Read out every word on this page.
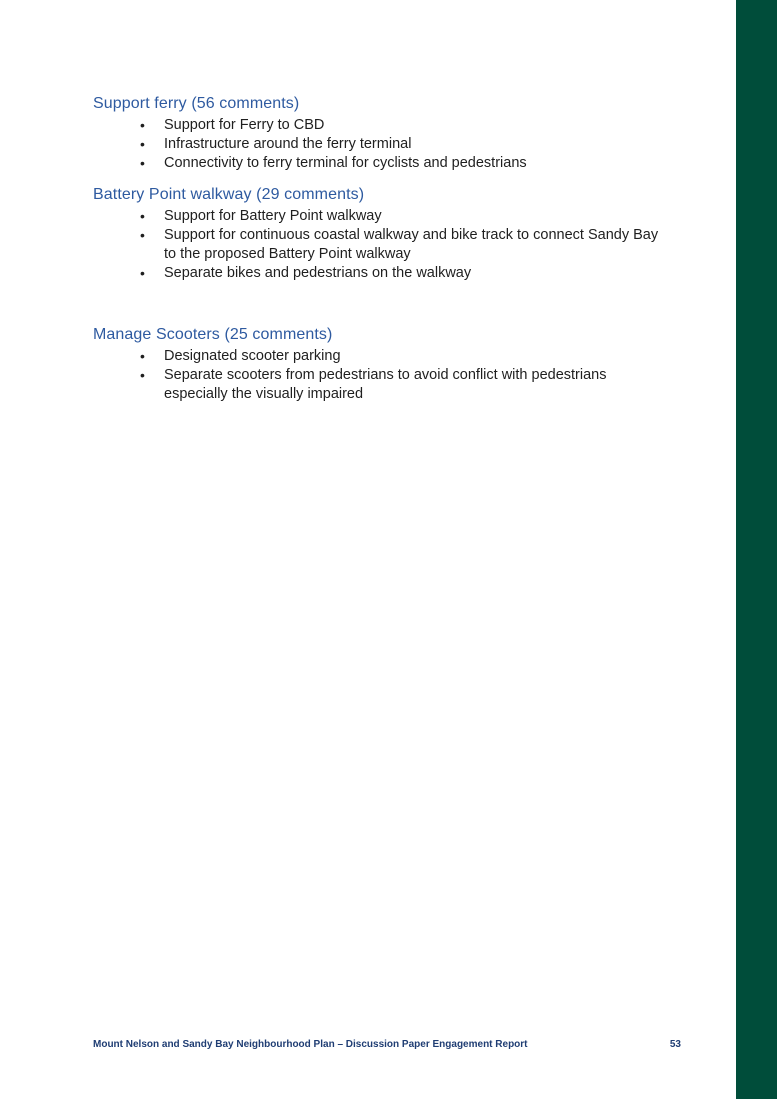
Support ferry (56 comments)
• Support for Ferry to CBD
• Infrastructure around the ferry terminal
• Connectivity to ferry terminal for cyclists and pedestrians
Battery Point walkway (29 comments)
• Support for Battery Point walkway
• Support for continuous coastal walkway and bike track to connect Sandy Bay to the proposed Battery Point walkway
• Separate bikes and pedestrians on the walkway
Manage Scooters (25 comments)
• Designated scooter parking
• Separate scooters from pedestrians to avoid conflict with pedestrians especially the visually impaired
Mount Nelson and Sandy Bay Neighbourhood Plan – Discussion Paper Engagement Report	53
